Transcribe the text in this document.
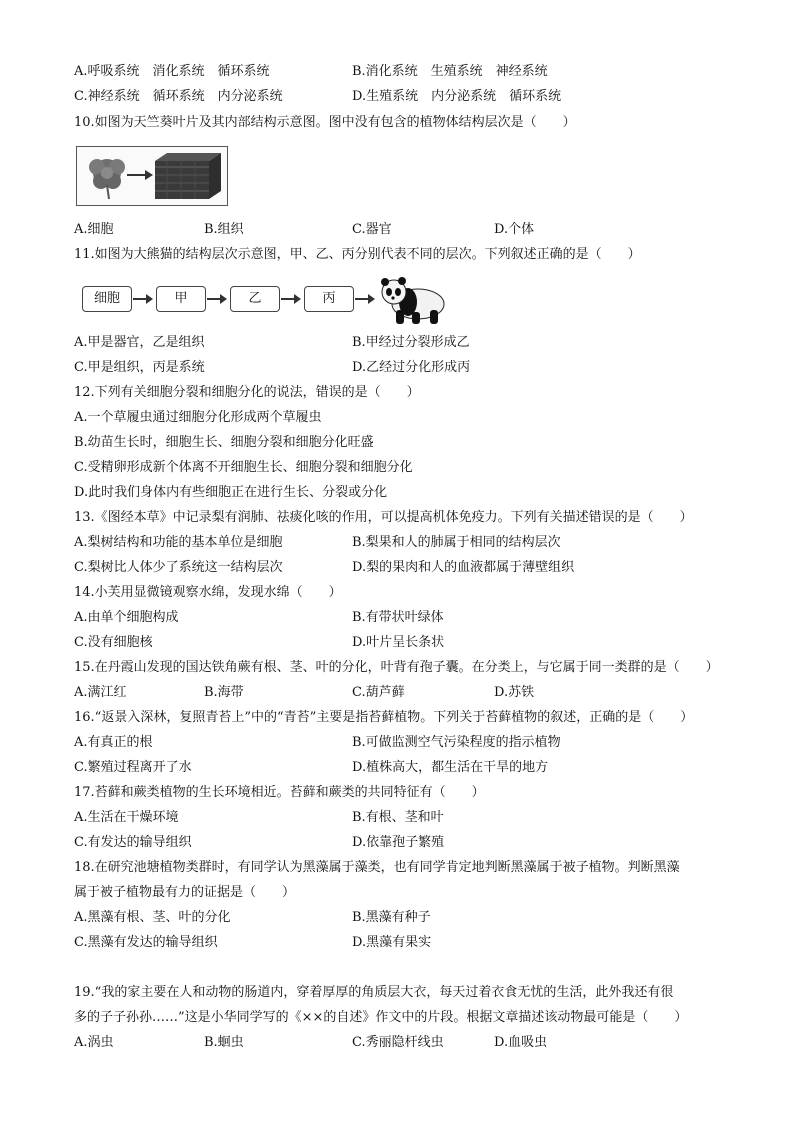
A.呼吸系统　消化系统　循环系统	B.消化系统　生殖系统　神经系统
C.神经系统　循环系统　内分泌系统	D.生殖系统　内分泌系统　循环系统
10.如图为天竺葵叶片及其内部结构示意图。图中没有包含的植物体结构层次是（　　）
A.细胞	B.组织	C.器官	D.个体
11.如图为大熊猫的结构层次示意图，甲、乙、丙分别代表不同的层次。下列叙述正确的是（　　）
细胞	甲	乙	丙
A.甲是器官，乙是组织	B.甲经过分裂形成乙
C.甲是组织，丙是系统	D.乙经过分化形成丙
12.下列有关细胞分裂和细胞分化的说法，错误的是（　　）
A.一个草履虫通过细胞分化形成两个草履虫
B.幼苗生长时，细胞生长、细胞分裂和细胞分化旺盛
C.受精卵形成新个体离不开细胞生长、细胞分裂和细胞分化
D.此时我们身体内有些细胞正在进行生长、分裂或分化
13.《图经本草》中记录梨有润肺、祛痰化咳的作用，可以提高机体免疫力。下列有关描述错误的是（　　）
A.梨树结构和功能的基本单位是细胞	B.梨果和人的肺属于相同的结构层次
C.梨树比人体少了系统这一结构层次	D.梨的果肉和人的血液都属于薄壁组织
14.小芙用显微镜观察水绵，发现水绵（　　）
A.由单个细胞构成	B.有带状叶绿体
C.没有细胞核	D.叶片呈长条状
15.在丹霞山发现的国达铁角蕨有根、茎、叶的分化，叶背有孢子囊。在分类上，与它属于同一类群的是（　　）
A.满江红	B.海带	C.葫芦藓	D.苏铁
16.“返景入深林，复照青苔上”中的“青苔”主要是指苔藓植物。下列关于苔藓植物的叙述，正确的是（　　）
A.有真正的根	B.可做监测空气污染程度的指示植物
C.繁殖过程离开了水	D.植株高大，都生活在干旱的地方
17.苔藓和蕨类植物的生长环境相近。苔藓和蕨类的共同特征有（　　）
A.生活在干燥环境	B.有根、茎和叶
C.有发达的输导组织	D.依靠孢子繁殖
18.在研究池塘植物类群时，有同学认为黑藻属于藻类，也有同学肯定地判断黑藻属于被子植物。判断黑藻
属于被子植物最有力的证据是（　　）
A.黑藻有根、茎、叶的分化	B.黑藻有种子
C.黑藻有发达的输导组织	D.黑藻有果实
19.“我的家主要在人和动物的肠道内，穿着厚厚的角质层大衣，每天过着衣食无忧的生活，此外我还有很
多的子子孙孙……”这是小华同学写的《××的自述》作文中的片段。根据文章描述该动物最可能是（　　）
A.涡虫	B.蛔虫	C.秀丽隐杆线虫	D.血吸虫
